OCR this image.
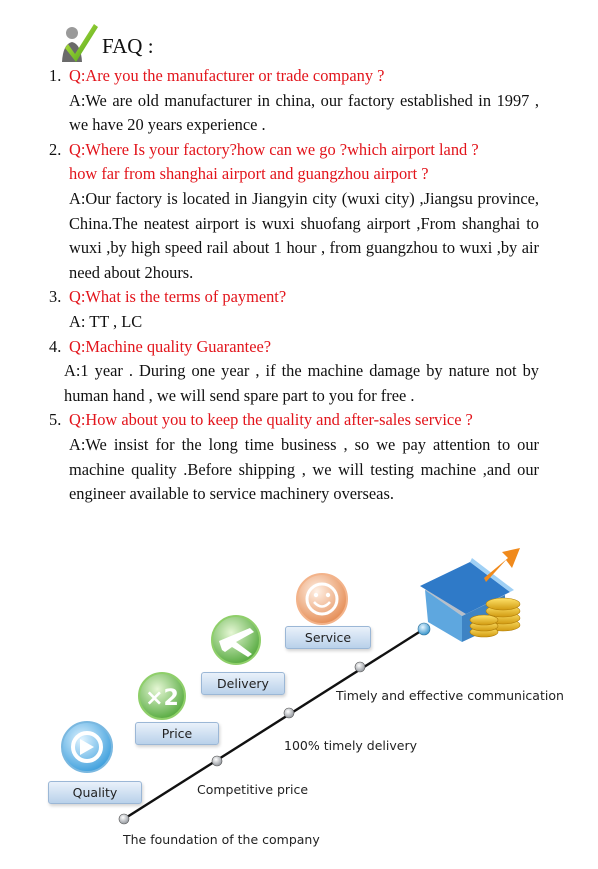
FAQ :
1. Q:Are you the manufacturer or trade company ?
A:We are old manufacturer in china, our factory established in 1997 , we have 20 years experience .
2. Q:Where Is your factory?how can we go ?which airport land ?
how far from shanghai airport and guangzhou airport ?
A:Our factory is located in Jiangyin city (wuxi city) ,Jiangsu province, China.The neatest airport is wuxi shuofang airport ,From shanghai to wuxi ,by high speed rail about 1 hour , from guangzhou to wuxi ,by air need about 2hours.
3. Q:What is the terms of payment?
A: TT , LC
4. Q:Machine quality Guarantee?
A:1 year . During one year , if the machine damage by nature not by human hand , we will send spare part to you for free .
5. Q:How about you to keep the quality and after-sales service ?
A:We insist for the long time business , so we pay attention to our machine quality .Before shipping , we will testing machine ,and our engineer available to service machinery overseas.
×2
Quality
Price
Delivery
Service
The foundation of the company
Competitive price
100% timely delivery
Timely and effective communication
